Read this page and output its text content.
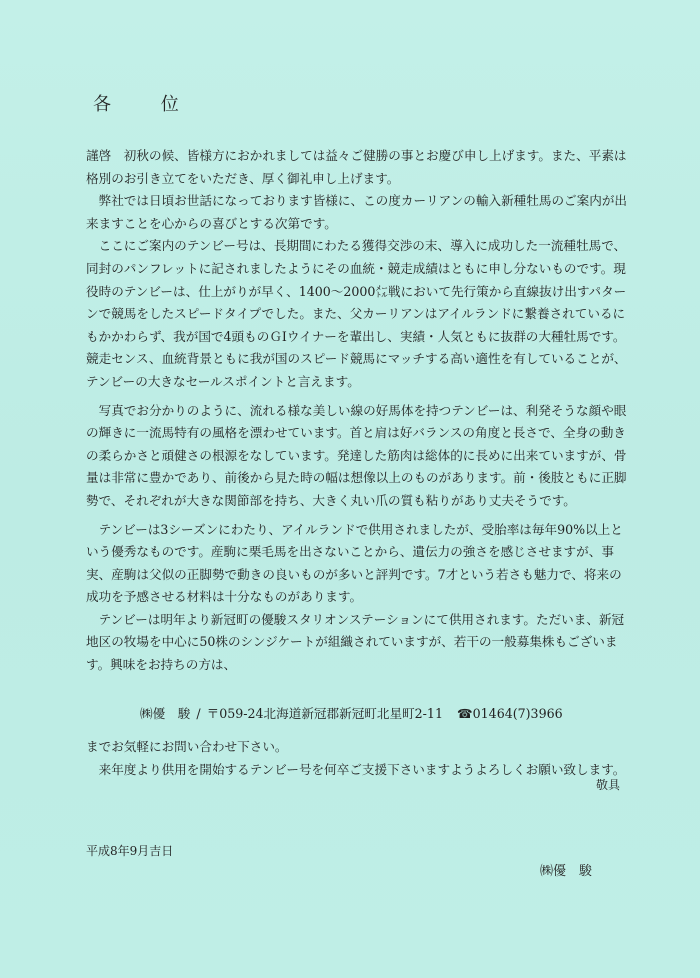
各 位

謹啓　初秋の候、皆様方におかれましては益々ご健勝の事とお慶び申し上げます。また、平素は格別のお引き立てをいただき、厚く御礼申し上げます。

弊社では日頃お世話になっております皆様に、この度カーリアンの輸入新種牡馬のご案内が出来ますことを心からの喜びとする次第です。

ここにご案内のテンビー号は、長期間にわたる獲得交渉の末、導入に成功した一流種牡馬で、同封のパンフレットに記されましたようにその血統・競走成績はともに申し分ないものです。現役時のテンビーは、仕上がりが早く、1400～2000㍍戦において先行策から直線抜け出すパターンで競馬をしたスピードタイプでした。また、父カーリアンはアイルランドに繋養されているにもかかわらず、我が国で4頭ものＧⅠウイナーを輩出し、実績・人気ともに抜群の大種牡馬です。競走センス、血統背景ともに我が国のスピード競馬にマッチする高い適性を有していることが、テンビーの大きなセールスポイントと言えます。

写真でお分かりのように、流れる様な美しい線の好馬体を持つテンビーは、利発そうな顔や眼の輝きに一流馬特有の風格を漂わせています。首と肩は好バランスの角度と長さで、全身の動きの柔らかさと頑健さの根源をなしています。発達した筋肉は総体的に長めに出来ていますが、骨量は非常に豊かであり、前後から見た時の幅は想像以上のものがあります。前・後肢ともに正脚勢で、それぞれが大きな関節部を持ち、大きく丸い爪の質も粘りがあり丈夫そうです。

テンビーは3シーズンにわたり、アイルランドで供用されましたが、受胎率は毎年90%以上という優秀なものです。産駒に栗毛馬を出さないことから、遺伝力の強さを感じさせますが、事実、産駒は父似の正脚勢で動きの良いものが多いと評判です。7才という若さも魅力で、将来の成功を予感させる材料は十分なものがあります。

テンビーは明年より新冠町の優駿スタリオンステーションにて供用されます。ただいま、新冠地区の牧場を中心に50株のシンジケートが組織されていますが、若干の一般募集株もございます。興味をお持ちの方は、

㈱優　駿 / 〒059-24北海道新冠郡新冠町北星町2-11 ☎01464(7)3966

までお気軽にお問い合わせ下さい。

来年度より供用を開始するテンビー号を何卒ご支援下さいますようよろしくお願い致します。

敬具
平成8年9月吉日
㈱優　駿
